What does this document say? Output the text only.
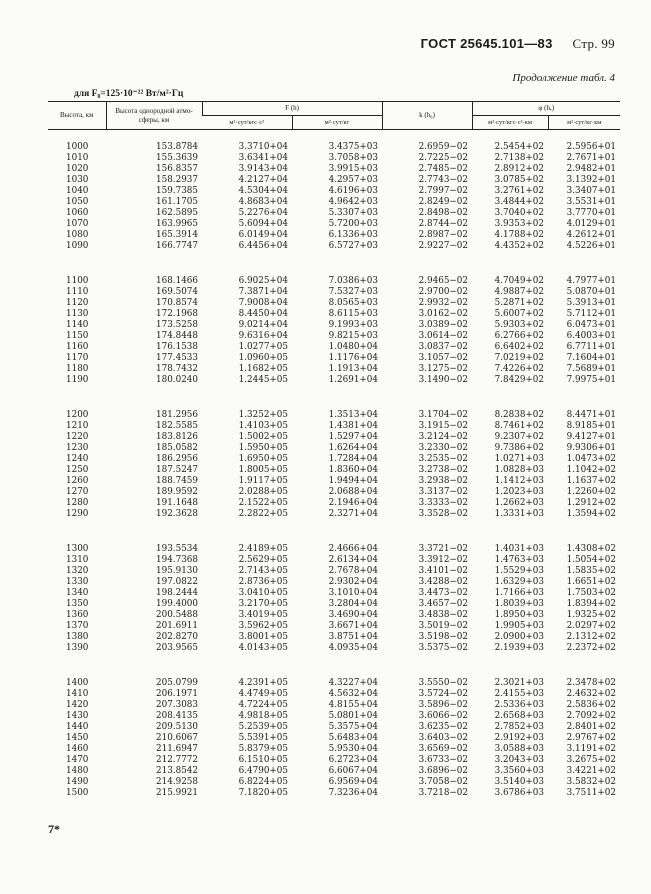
ГОСТ 25645.101—83 Стр. 99
Продолжение табл. 4
для F₀=125·10⁻²² Вт/м²·Гц
Высота, км	Высота однородной атмосферы, км	F (h)		k (h₀)	φ (hₑ)	
		м²·сут/кгс·с²	м²·сут/кг		м²·сут/кгс·с²·км	м²·сут/кг·км

1000	153.8784	3.3710+04	3.4375+03	2.6959−02	2.5454+02	2.5956+01
1010	155.3639	3.6341+04	3.7058+03	2.7225−02	2.7138+02	2.7671+01
1020	156.8357	3.9143+04	3.9915+03	2.7485−02	2.8912+02	2.9482+01
1030	158.2937	4.2127+04	4.2957+03	2.7743−02	3.0785+02	3.1392+01
1040	159.7385	4.5304+04	4.6196+03	2.7997−02	3.2761+02	3.3407+01
1050	161.1705	4.8683+04	4.9642+03	2.8249−02	3.4844+02	3.5531+01
1060	162.5895	5.2276+04	5.3307+03	2.8498−02	3.7040+02	3.7770+01
1070	163.9965	5.6094+04	5.7200+03	2.8744−02	3.9353+02	4.0129+01
1080	165.3914	6.0149+04	6.1336+03	2.8987−02	4.1788+02	4.2612+01
1090	166.7747	6.4456+04	6.5727+03	2.9227−02	4.4352+02	4.5226+01

1100	168.1466	6.9025+04	7.0386+03	2.9465−02	4.7049+02	4.7977+01
1110	169.5074	7.3871+04	7.5327+03	2.9700−02	4.9887+02	5.0870+01
1120	170.8574	7.9008+04	8.0565+03	2.9932−02	5.2871+02	5.3913+01
1130	172.1968	8.4450+04	8.6115+03	3.0162−02	5.6007+02	5.7112+01
1140	173.5258	9.0214+04	9.1993+03	3.0389−02	5.9303+02	6.0473+01
1150	174.8448	9.6316+04	9.8215+03	3.0614−02	6.2766+02	6.4003+01
1160	176.1538	1.0277+05	1.0480+04	3.0837−02	6.6402+02	6.7711+01
1170	177.4533	1.0960+05	1.1176+04	3.1057−02	7.0219+02	7.1604+01
1180	178.7432	1.1682+05	1.1913+04	3.1275−02	7.4226+02	7.5689+01
1190	180.0240	1.2445+05	1.2691+04	3.1490−02	7.8429+02	7.9975+01

1200	181.2956	1.3252+05	1.3513+04	3.1704−02	8.2838+02	8.4471+01
1210	182.5585	1.4103+05	1.4381+04	3.1915−02	8.7461+02	8.9185+01
1220	183.8126	1.5002+05	1.5297+04	3.2124−02	9.2307+02	9.4127+01
1230	185.0582	1.5950+05	1.6264+04	3.2330−02	9.7386+02	9.9306+01
1240	186.2956	1.6950+05	1.7284+04	3.2535−02	1.0271+03	1.0473+02
1250	187.5247	1.8005+05	1.8360+04	3.2738−02	1.0828+03	1.1042+02
1260	188.7459	1.9117+05	1.9494+04	3.2938−02	1.1412+03	1.1637+02
1270	189.9592	2.0288+05	2.0688+04	3.3137−02	1.2023+03	1.2260+02
1280	191.1648	2.1522+05	2.1946+04	3.3333−02	1.2662+03	1.2912+02
1290	192.3628	2.2822+05	2.3271+04	3.3528−02	1.3331+03	1.3594+02

1300	193.5534	2.4189+05	2.4666+04	3.3721−02	1.4031+03	1.4308+02
1310	194.7368	2.5629+05	2.6134+04	3.3912−02	1.4763+03	1.5054+02
1320	195.9130	2.7143+05	2.7678+04	3.4101−02	1.5529+03	1.5835+02
1330	197.0822	2.8736+05	2.9302+04	3.4288−02	1.6329+03	1.6651+02
1340	198.2444	3.0410+05	3.1010+04	3.4473−02	1.7166+03	1.7503+02
1350	199.4000	3.2170+05	3.2804+04	3.4657−02	1.8039+03	1.8394+02
1360	200.5488	3.4019+05	3.4690+04	3.4838−02	1.8950+03	1.9325+02
1370	201.6911	3.5962+05	3.6671+04	3.5019−02	1.9905+03	2.0297+02
1380	202.8270	3.8001+05	3.8751+04	3.5198−02	2.0900+03	2.1312+02
1390	203.9565	4.0143+05	4.0935+04	3.5375−02	2.1939+03	2.2372+02

1400	205.0799	4.2391+05	4.3227+04	3.5550−02	2.3021+03	2.3478+02
1410	206.1971	4.4749+05	4.5632+04	3.5724−02	2.4155+03	2.4632+02
1420	207.3083	4.7224+05	4.8155+04	3.5896−02	2.5336+03	2.5836+02
1430	208.4135	4.9818+05	5.0801+04	3.6066−02	2.6568+03	2.7092+02
1440	209.5130	5.2539+05	5.3575+04	3.6235−02	2.7852+03	2.8401+02
1450	210.6067	5.5391+05	5.6483+04	3.6403−02	2.9192+03	2.9767+02
1460	211.6947	5.8379+05	5.9530+04	3.6569−02	3.0588+03	3.1191+02
1470	212.7772	6.1510+05	6.2723+04	3.6733−02	3.2043+03	3.2675+02
1480	213.8542	6.4790+05	6.6067+04	3.6896−02	3.3560+03	3.4221+02
1490	214.9258	6.8224+05	6.9569+04	3.7058−02	3.5140+03	3.5832+02
1500	215.9921	7.1820+05	7.3236+04	3.7218−02	3.6786+03	3.7511+02
7*
